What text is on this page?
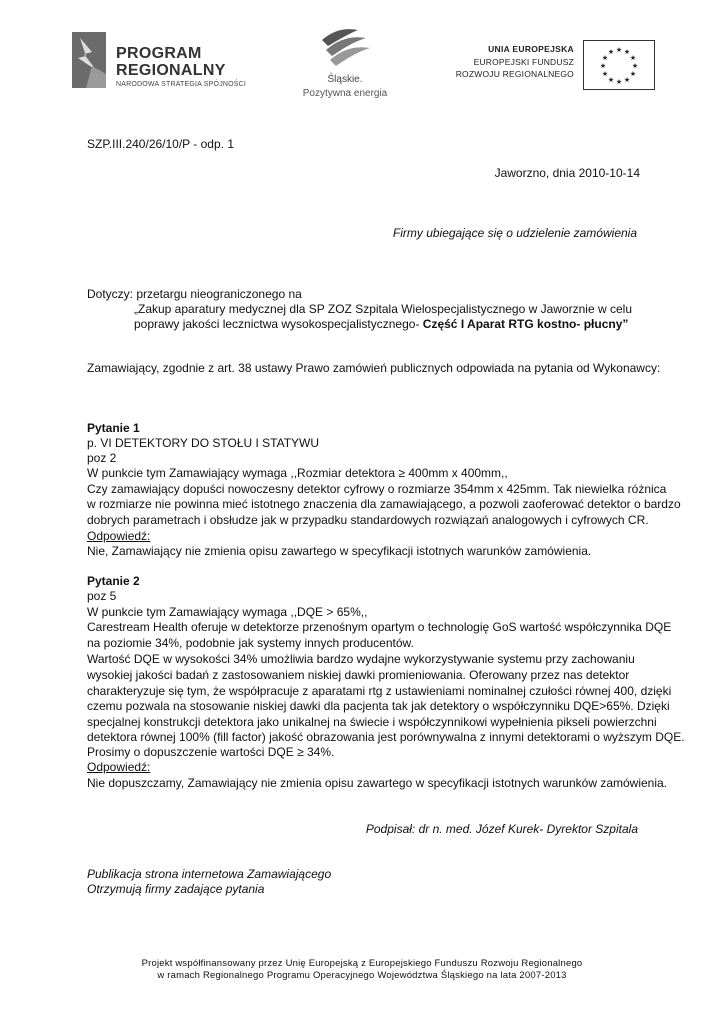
PROGRAM
REGIONALNY
NARODOWA STRATEGIA SPÓJNOŚCI	Śląskie.
Pozytywna energia
UNIA EUROPEJSKA
EUROPEJSKI FUNDUSZ
ROZWOJU REGIONALNEGO
★ ★
★
★
★
★
★
★
★
★
★
★
SZP.III.240/26/10/P - odp. 1
Jaworzno, dnia 2010-10-14
Firmy ubiegające się o udzielenie zamówienia
Dotyczy: przetargu nieograniczonego na
„Zakup aparatury medycznej dla SP ZOZ Szpitala Wielospecjalistycznego w Jaworznie w celu
poprawy jakości lecznictwa wysokospecjalistycznego- Część I Aparat RTG kostno- płucny”
Zamawiający, zgodnie z art. 38 ustawy Prawo zamówień publicznych odpowiada na pytania od Wykonawcy:
Pytanie 1
p. VI DETEKTORY DO STOŁU I STATYWU
poz 2
W punkcie tym Zamawiający wymaga ,,Rozmiar detektora ≥ 400mm x 400mm,,
Czy zamawiający dopuści nowoczesny detektor cyfrowy o rozmiarze 354mm x 425mm. Tak niewielka różnica
w rozmiarze nie powinna mieć istotnego znaczenia dla zamawiającego, a pozwoli zaoferować detektor o bardzo
dobrych parametrach i obsłudze jak w przypadku standardowych rozwiązań analogowych i cyfrowych CR.
Odpowiedź:
Nie, Zamawiający nie zmienia opisu zawartego w specyfikacji istotnych warunków zamówienia.
Pytanie 2
poz 5
W punkcie tym Zamawiający wymaga ,,DQE > 65%,,
Carestream Health oferuje w detektorze przenośnym opartym o technologię GoS wartość współczynnika DQE
na poziomie 34%, podobnie jak systemy innych producentów.
Wartość DQE w wysokości 34% umożliwia bardzo wydajne wykorzystywanie systemu przy zachowaniu
wysokiej jakości badań z zastosowaniem niskiej dawki promieniowania. Oferowany przez nas detektor
charakteryzuje się tym, że współpracuje z aparatami rtg z ustawieniami nominalnej czułości równej 400, dzięki
czemu pozwala na stosowanie niskiej dawki dla pacjenta tak jak detektory o współczynniku DQE>65%. Dzięki
specjalnej konstrukcji detektora jako unikalnej na świecie i współczynnikowi wypełnienia pikseli powierzchni
detektora równej 100% (fill factor) jakość obrazowania jest porównywalna z innymi detektorami o wyższym DQE.
Prosimy o dopuszczenie wartości DQE ≥ 34%.
Odpowiedź:
Nie dopuszczamy, Zamawiający nie zmienia opisu zawartego w specyfikacji istotnych warunków zamówienia.
Podpisał: dr n. med. Józef Kurek- Dyrektor Szpitala
Publikacja strona internetowa Zamawiającego
Otrzymują firmy zadające pytania
Projekt współfinansowany przez Unię Europejską z Europejskiego Funduszu Rozwoju Regionalnego
w ramach Regionalnego Programu Operacyjnego Województwa Śląskiego na lata 2007-2013
